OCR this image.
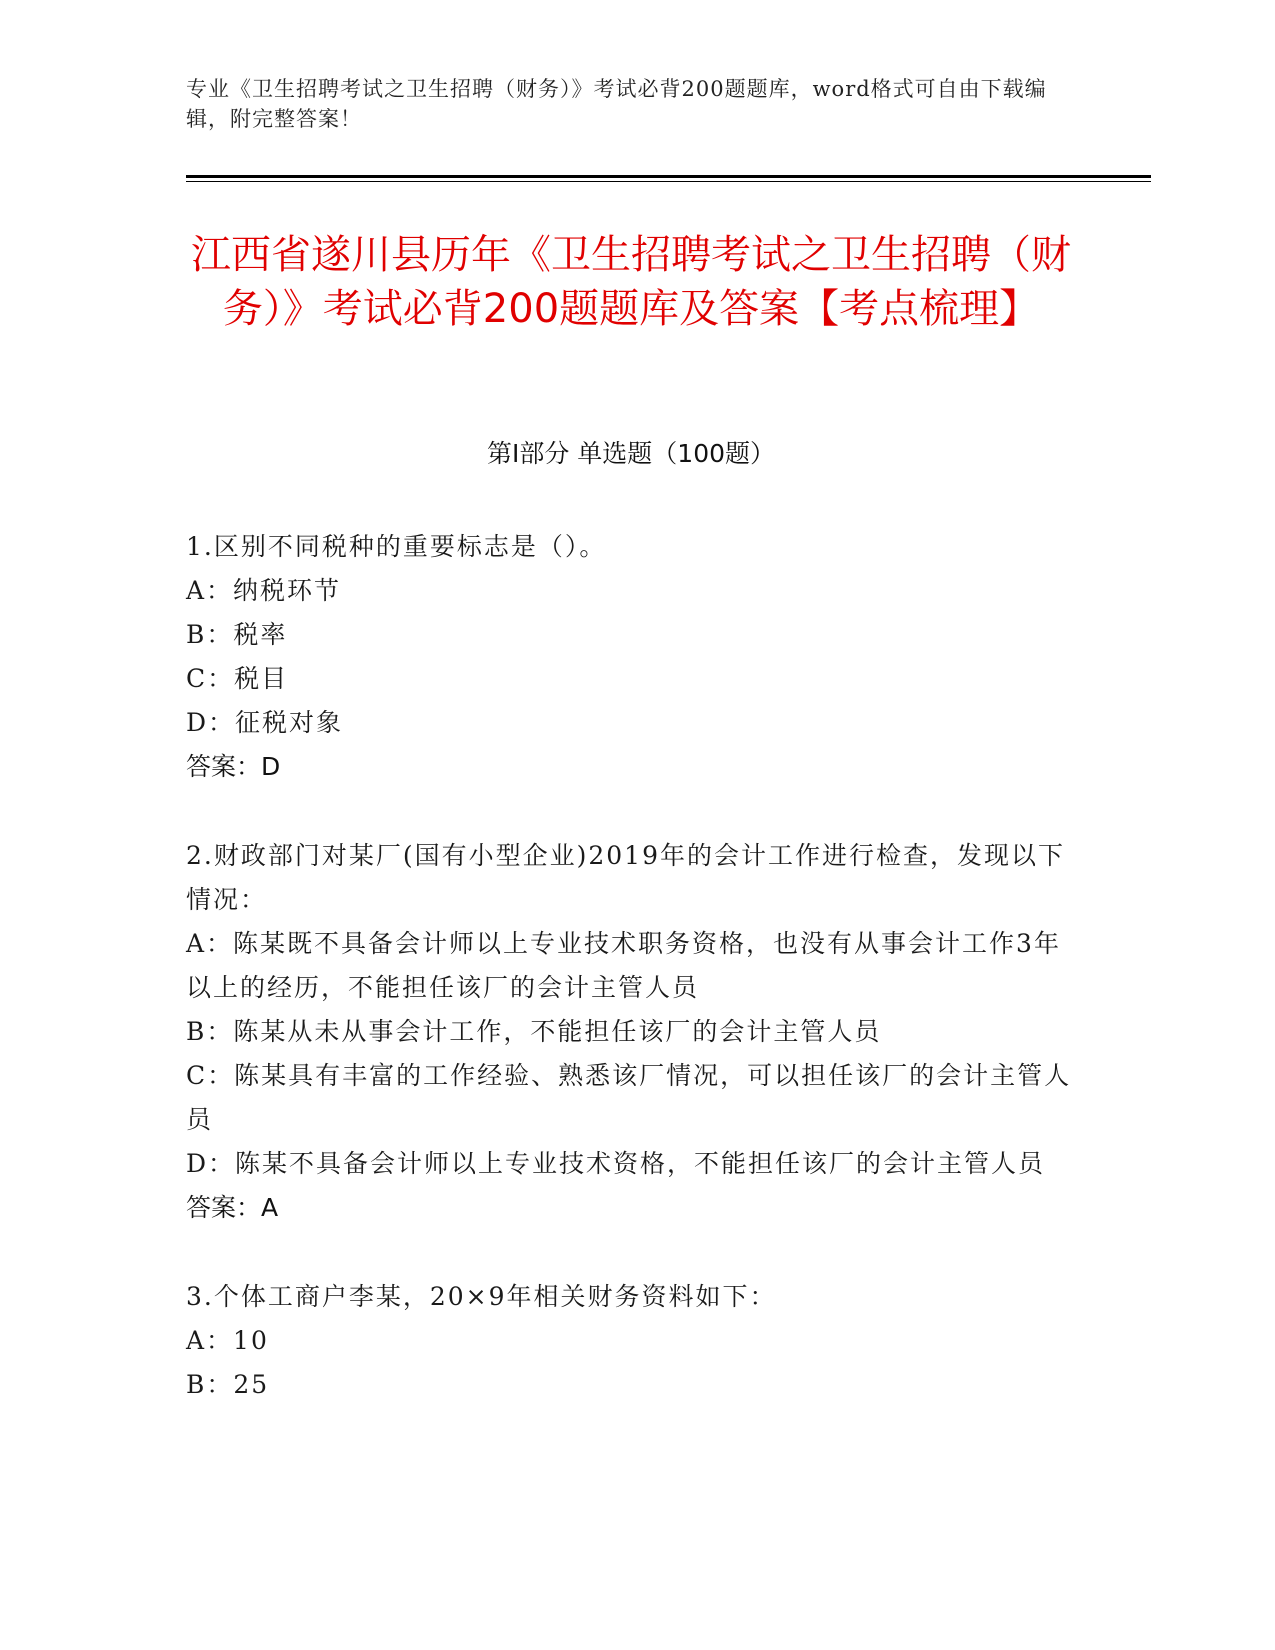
专业《卫生招聘考试之卫生招聘（财务）》考试必背200题题库，word格式可自由下载编辑，附完整答案！
江西省遂川县历年《卫生招聘考试之卫生招聘（财务）》考试必背200题题库及答案【考点梳理】
第I部分 单选题（100题）
1.区别不同税种的重要标志是（）。
A：纳税环节
B：税率
C：税目
D：征税对象
答案：D
2.财政部门对某厂(国有小型企业)2019年的会计工作进行检查，发现以下情况：
A：陈某既不具备会计师以上专业技术职务资格，也没有从事会计工作3年以上的经历，不能担任该厂的会计主管人员
B：陈某从未从事会计工作，不能担任该厂的会计主管人员
C：陈某具有丰富的工作经验、熟悉该厂情况，可以担任该厂的会计主管人员
D：陈某不具备会计师以上专业技术资格，不能担任该厂的会计主管人员
答案：A
3.个体工商户李某，20×9年相关财务资料如下：
A：10
B：25
